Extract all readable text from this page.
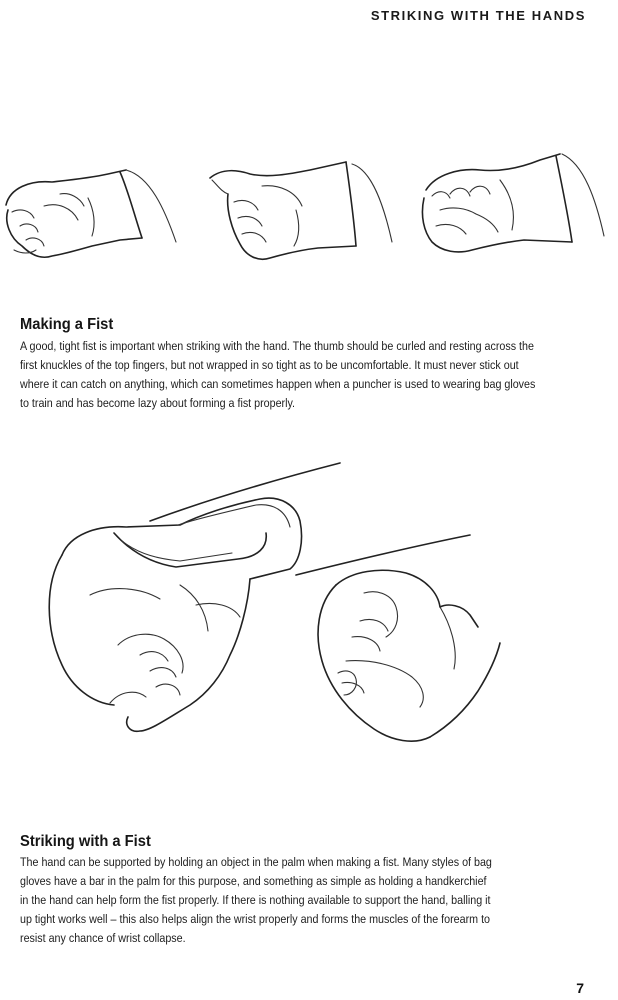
STRIKING WITH THE HANDS
Making a Fist

A good, tight fist is important when striking with the hand. The thumb should be curled and resting across the
first knuckles of the top fingers, but not wrapped in so tight as to be uncomfortable. It must never stick out
where it can catch on anything, which can sometimes happen when a puncher is used to wearing bag gloves
to train and has become lazy about forming a fist properly.

Striking with a Fist

The hand can be supported by holding an object in the palm when making a fist. Many styles of bag
gloves have a bar in the palm for this purpose, and something as simple as holding a handkerchief
in the hand can help form the fist properly. If there is nothing available to support the hand, balling it
up tight works well – this also helps align the wrist properly and forms the muscles of the forearm to
resist any chance of wrist collapse.

7
